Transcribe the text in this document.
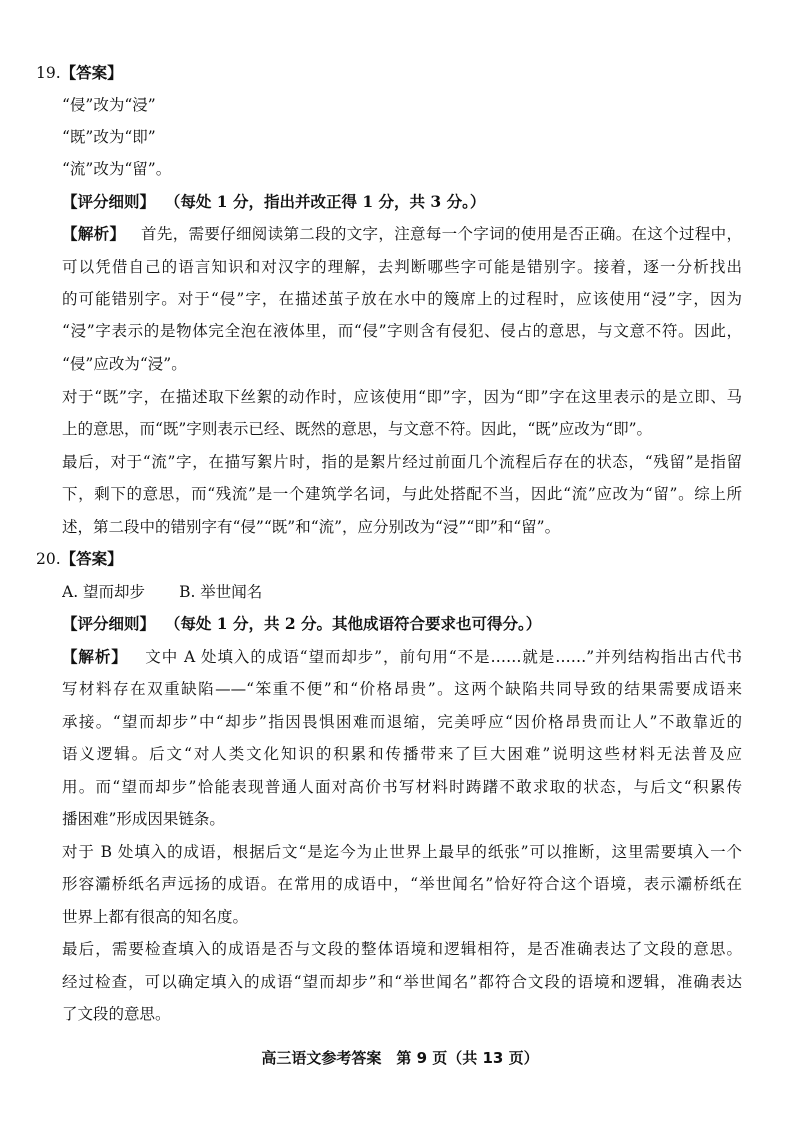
19.【答案】
“侵”改为“浸”
“既”改为“即”
“流”改为“留”。
【评分细则】 （每处 1 分，指出并改正得 1 分，共 3 分。）
【解析】 首先，需要仔细阅读第二段的文字，注意每一个字词的使用是否正确。在这个过程中，
可以凭借自己的语言知识和对汉字的理解，去判断哪些字可能是错别字。接着，逐一分析找出
的可能错别字。对于“侵”字，在描述茧子放在水中的篾席上的过程时，应该使用“浸”字，因为
“浸”字表示的是物体完全泡在液体里，而“侵”字则含有侵犯、侵占的意思，与文意不符。因此，
“侵”应改为“浸”。
对于“既”字，在描述取下丝絮的动作时，应该使用“即”字，因为“即”字在这里表示的是立即、马
上的意思，而“既”字则表示已经、既然的意思，与文意不符。因此，“既”应改为“即”。
最后，对于“流”字，在描写絮片时，指的是絮片经过前面几个流程后存在的状态，“残留”是指留
下，剩下的意思，而“残流”是一个建筑学名词，与此处搭配不当，因此“流”应改为“留”。综上所
述，第二段中的错别字有“侵”“既”和“流”，应分别改为“浸”“即”和“留”。
20.【答案】
A. 望而却步 B. 举世闻名
【评分细则】 （每处 1 分，共 2 分。其他成语符合要求也可得分。）
【解析】 文中 A 处填入的成语“望而却步”，前句用“不是……就是……”并列结构指出古代书
写材料存在双重缺陷——“笨重不便”和“价格昂贵”。这两个缺陷共同导致的结果需要成语来
承接。“望而却步”中“却步”指因畏惧困难而退缩，完美呼应“因价格昂贵而让人”不敢靠近的
语义逻辑。后文“对人类文化知识的积累和传播带来了巨大困难”说明这些材料无法普及应
用。而“望而却步”恰能表现普通人面对高价书写材料时踌躇不敢求取的状态，与后文“积累传
播困难”形成因果链条。
对于 B 处填入的成语，根据后文“是迄今为止世界上最早的纸张”可以推断，这里需要填入一个
形容灞桥纸名声远扬的成语。在常用的成语中，“举世闻名”恰好符合这个语境，表示灞桥纸在
世界上都有很高的知名度。
最后，需要检查填入的成语是否与文段的整体语境和逻辑相符，是否准确表达了文段的意思。
经过检查，可以确定填入的成语“望而却步”和“举世闻名”都符合文段的语境和逻辑，准确表达
了文段的意思。
高三语文参考答案　第 9 页（共 13 页）
